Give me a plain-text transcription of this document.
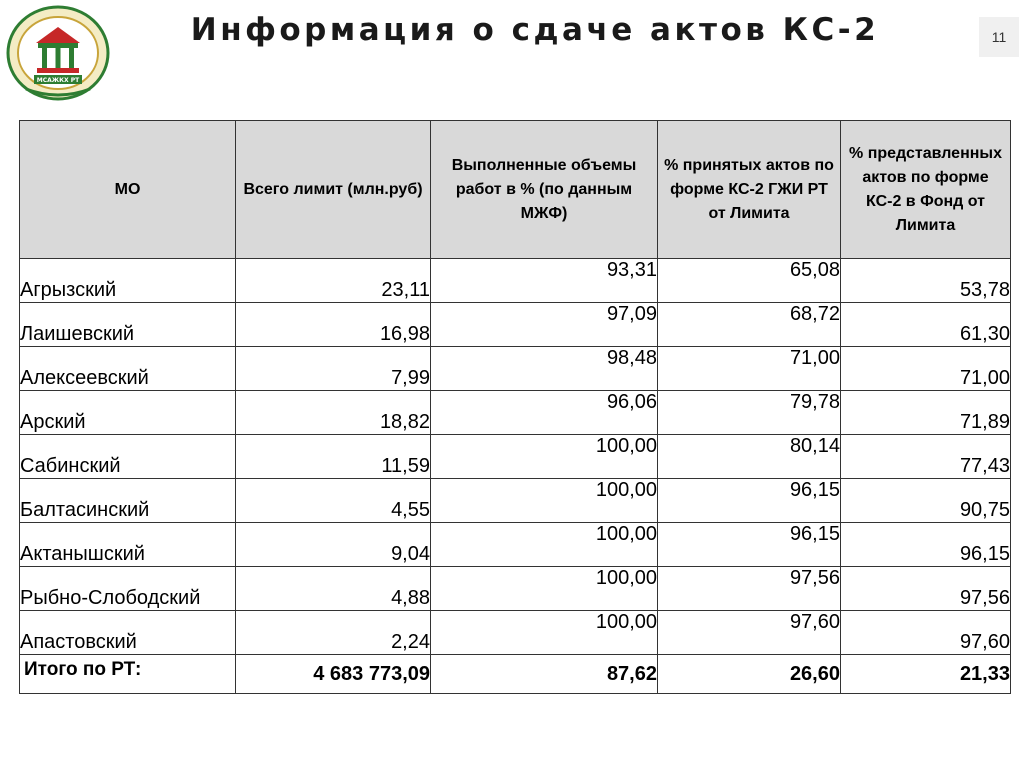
МСАЖКХ РТ
Информация о сдаче актов КС-2	11
МО	Всего лимит (млн.руб)	Выполненные объемы работ в % (по данным МЖФ)	% принятых актов по форме КС-2 ГЖИ РТ от Лимита	% представленных актов по форме КС-2 в Фонд от Лимита
Агрызский	23,11	93,31	65,08	53,78
Лаишевский	16,98	97,09	68,72	61,30
Алексеевский	7,99	98,48	71,00	71,00
Арский	18,82	96,06	79,78	71,89
Сабинский	11,59	100,00	80,14	77,43
Балтасинский	4,55	100,00	96,15	90,75
Актанышский	9,04	100,00	96,15	96,15
Рыбно-Слободский	4,88	100,00	97,56	97,56
Апастовский	2,24	100,00	97,60	97,60
Итого по РТ:	4 683 773,09	87,62	26,60	21,33
